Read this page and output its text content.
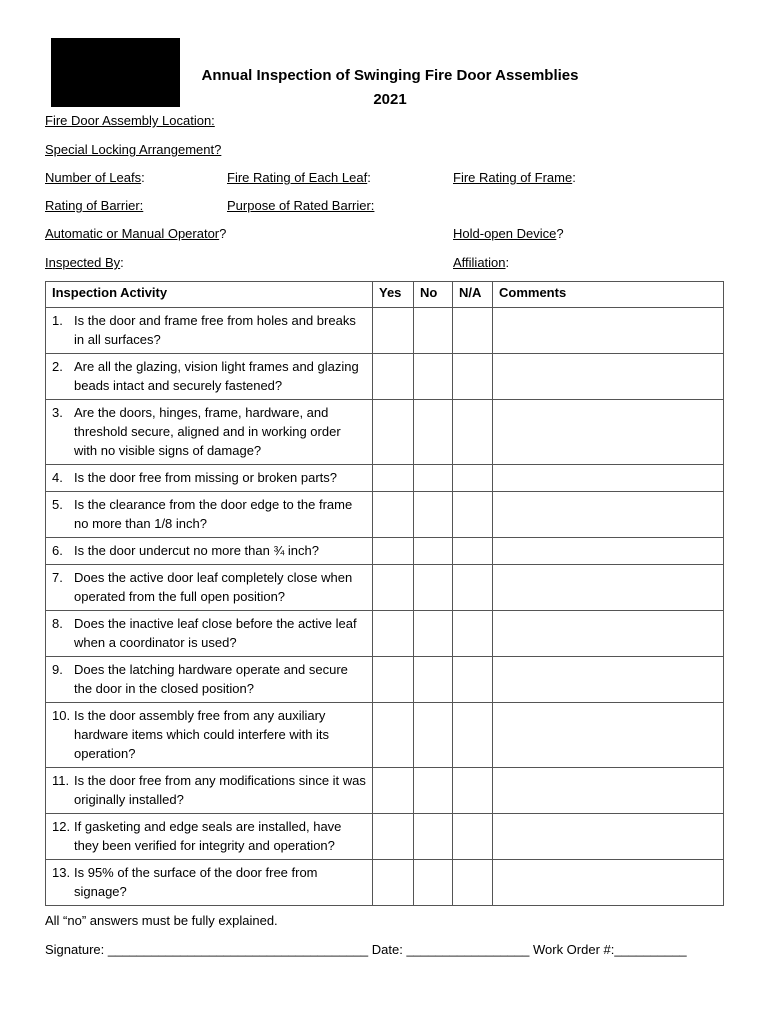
Annual Inspection of Swinging Fire Door Assemblies
2021
Fire Door Assembly Location:
Special Locking Arrangement?
Number of Leafs:	Fire Rating of Each Leaf:	Fire Rating of Frame:
Rating of Barrier:	Purpose of Rated Barrier:
Automatic or Manual Operator?	Hold-open Device?
Inspected By:	Affiliation:
Inspection Activity	Yes	No	N/A	Comments

1. Is the door and frame free from holes and breaks in all surfaces?				

2. Are all the glazing, vision light frames and glazing beads intact and securely fastened?				

3. Are the doors, hinges, frame, hardware, and threshold secure, aligned and in working order with no visible signs of damage?				

4. Is the door free from missing or broken parts?				

5. Is the clearance from the door edge to the frame no more than 1/8 inch?				

6. Is the door undercut no more than ¾ inch?				

7. Does the active door leaf completely close when operated from the full open position?				

8. Does the inactive leaf close before the active leaf when a coordinator is used?				

9. Does the latching hardware operate and secure the door in the closed position?				

10. Is the door assembly free from any auxiliary hardware items which could interfere with its operation?				

11. Is the door free from any modifications since it was originally installed?				

12. If gasketing and edge seals are installed, have they been verified for integrity and operation?				

13. Is 95% of the surface of the door free from signage?				

All “no” answers must be fully explained.
Signature: ____________________________________ Date: _________________ Work Order #:__________
